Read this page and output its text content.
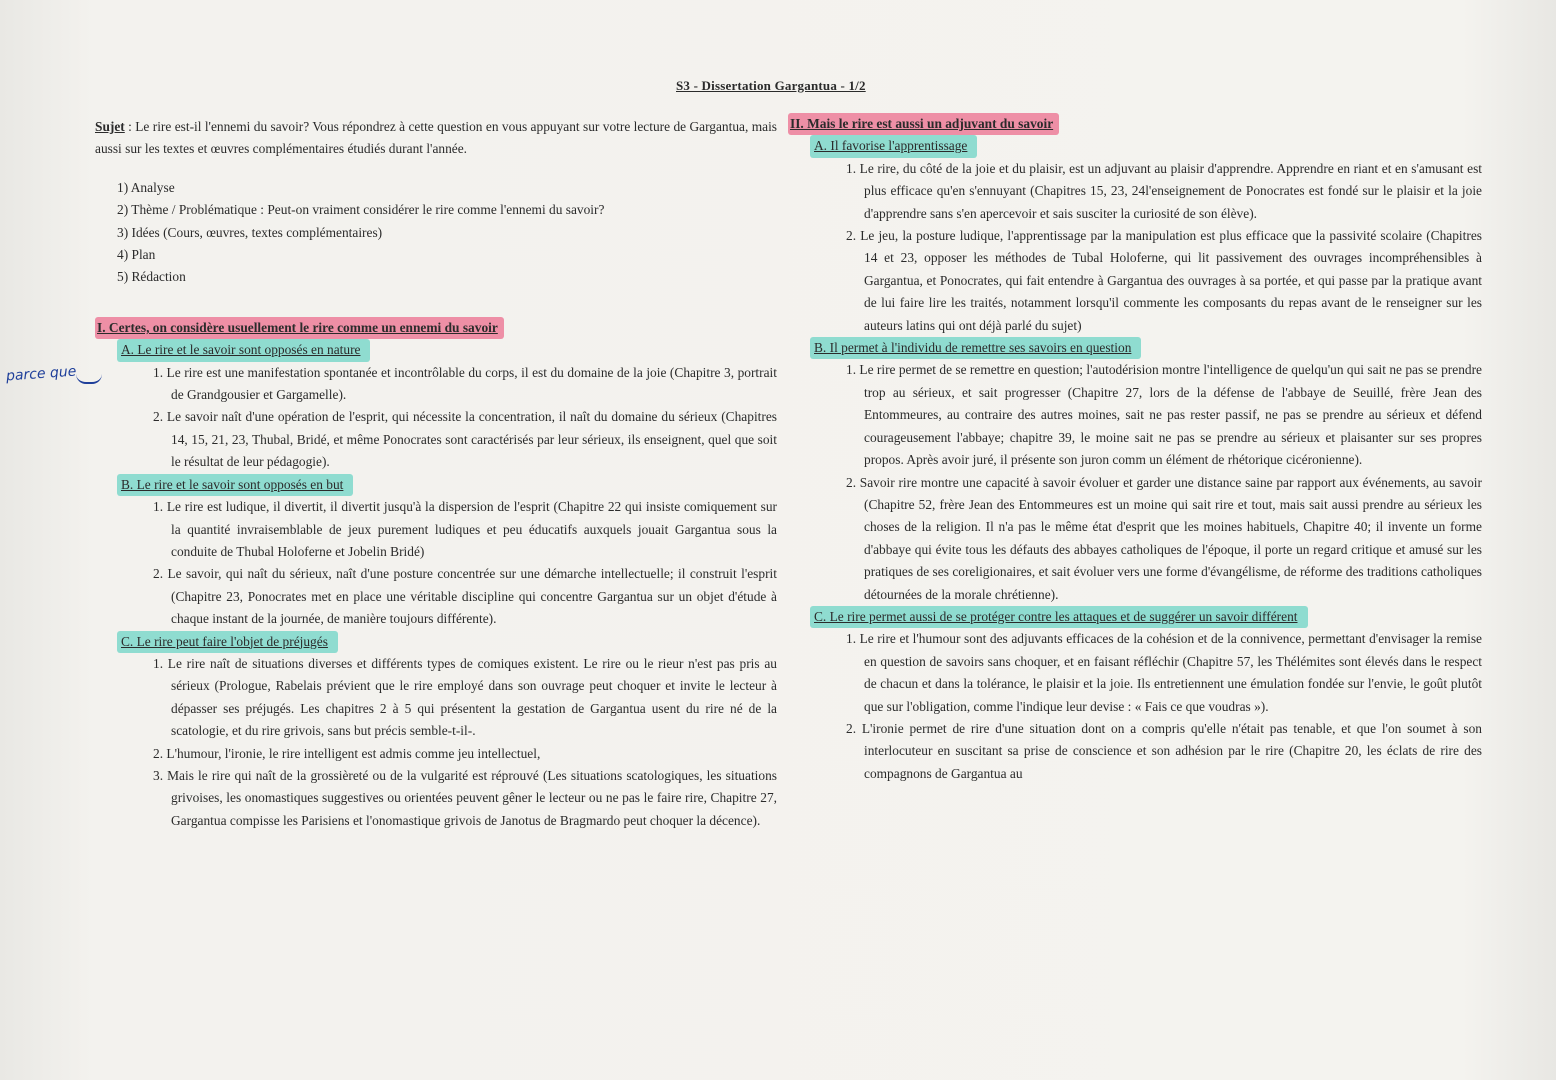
S3 - Dissertation Gargantua - 1/2
parce que

Sujet : Le rire est-il l'ennemi du savoir? Vous répondrez à cette question en vous appuyant sur votre lecture de Gargantua, mais aussi sur les textes et œuvres complémentaires étudiés durant l'année.

1) Analyse
2) Thème / Problématique : Peut-on vraiment considérer le rire comme l'ennemi du savoir?
3) Idées (Cours, œuvres, textes complémentaires)
4) Plan
5) Rédaction
I. Certes, on considère usuellement le rire comme un ennemi du savoir
A. Le rire et le savoir sont opposés en nature

1. Le rire est une manifestation spontanée et incontrôlable du corps, il est du domaine de la joie (Chapitre 3, portrait de Grandgousier et Gargamelle).

2. Le savoir naît d'une opération de l'esprit, qui nécessite la concentration, il naît du domaine du sérieux (Chapitres 14, 15, 21, 23, Thubal, Bridé, et même Ponocrates sont caractérisés par leur sérieux, ils enseignent, quel que soit le résultat de leur pédagogie).

B. Le rire et le savoir sont opposés en but

1. Le rire est ludique, il divertit, il divertit jusqu'à la dispersion de l'esprit (Chapitre 22 qui insiste comiquement sur la quantité invraisemblable de jeux purement ludiques et peu éducatifs auxquels jouait Gargantua sous la conduite de Thubal Holoferne et Jobelin Bridé)

2. Le savoir, qui naît du sérieux, naît d'une posture concentrée sur une démarche intellectuelle; il construit l'esprit (Chapitre 23, Ponocrates met en place une véritable discipline qui concentre Gargantua sur un objet d'étude à chaque instant de la journée, de manière toujours différente).

C. Le rire peut faire l'objet de préjugés

1. Le rire naît de situations diverses et différents types de comiques existent. Le rire ou le rieur n'est pas pris au sérieux (Prologue, Rabelais prévient que le rire employé dans son ouvrage peut choquer et invite le lecteur à dépasser ses préjugés. Les chapitres 2 à 5 qui présentent la gestation de Gargantua usent du rire né de la scatologie, et du rire grivois, sans but précis semble-t-il-.

2. L'humour, l'ironie, le rire intelligent est admis comme jeu intellectuel,

3. Mais le rire qui naît de la grossièreté ou de la vulgarité est réprouvé (Les situations scatologiques, les situations grivoises, les onomastiques suggestives ou orientées peuvent gêner le lecteur ou ne pas le faire rire, Chapitre 27, Gargantua compisse les Parisiens et l'onomastique grivois de Janotus de Bragmardo peut choquer la décence).

II. Mais le rire est aussi un adjuvant du savoir
A. Il favorise l'apprentissage

1. Le rire, du côté de la joie et du plaisir, est un adjuvant au plaisir d'apprendre. Apprendre en riant et en s'amusant est plus efficace qu'en s'ennuyant (Chapitres 15, 23, 24l'enseignement de Ponocrates est fondé sur le plaisir et la joie d'apprendre sans s'en apercevoir et sais susciter la curiosité de son élève).

2. Le jeu, la posture ludique, l'apprentissage par la manipulation est plus efficace que la passivité scolaire (Chapitres 14 et 23, opposer les méthodes de Tubal Holoferne, qui lit passivement des ouvrages incompréhensibles à Gargantua, et Ponocrates, qui fait entendre à Gargantua des ouvrages à sa portée, et qui passe par la pratique avant de lui faire lire les traités, notamment lorsqu'il commente les composants du repas avant de le renseigner sur les auteurs latins qui ont déjà parlé du sujet)

B. Il permet à l'individu de remettre ses savoirs en question

1. Le rire permet de se remettre en question; l'autodérision montre l'intelligence de quelqu'un qui sait ne pas se prendre trop au sérieux, et sait progresser (Chapitre 27, lors de la défense de l'abbaye de Seuillé, frère Jean des Entommeures, au contraire des autres moines, sait ne pas rester passif, ne pas se prendre au sérieux et défend courageusement l'abbaye; chapitre 39, le moine sait ne pas se prendre au sérieux et plaisanter sur ses propres propos. Après avoir juré, il présente son juron comm un élément de rhétorique cicéronienne).

2. Savoir rire montre une capacité à savoir évoluer et garder une distance saine par rapport aux événements, au savoir (Chapitre 52, frère Jean des Entommeures est un moine qui sait rire et tout, mais sait aussi prendre au sérieux les choses de la religion. Il n'a pas le même état d'esprit que les moines habituels, Chapitre 40; il invente un forme d'abbaye qui évite tous les défauts des abbayes catholiques de l'époque, il porte un regard critique et amusé sur les pratiques de ses coreligionaires, et sait évoluer vers une forme d'évangélisme, de réforme des traditions catholiques détournées de la morale chrétienne).

C. Le rire permet aussi de se protéger contre les attaques et de suggérer un savoir différent

1. Le rire et l'humour sont des adjuvants efficaces de la cohésion et de la connivence, permettant d'envisager la remise en question de savoirs sans choquer, et en faisant réfléchir (Chapitre 57, les Thélémites sont élevés dans le respect de chacun et dans la tolérance, le plaisir et la joie. Ils entretiennent une émulation fondée sur l'envie, le goût plutôt que sur l'obligation, comme l'indique leur devise : « Fais ce que voudras »).

2. L'ironie permet de rire d'une situation dont on a compris qu'elle n'était pas tenable, et que l'on soumet à son interlocuteur en suscitant sa prise de conscience et son adhésion par le rire (Chapitre 20, les éclats de rire des compagnons de Gargantua au
